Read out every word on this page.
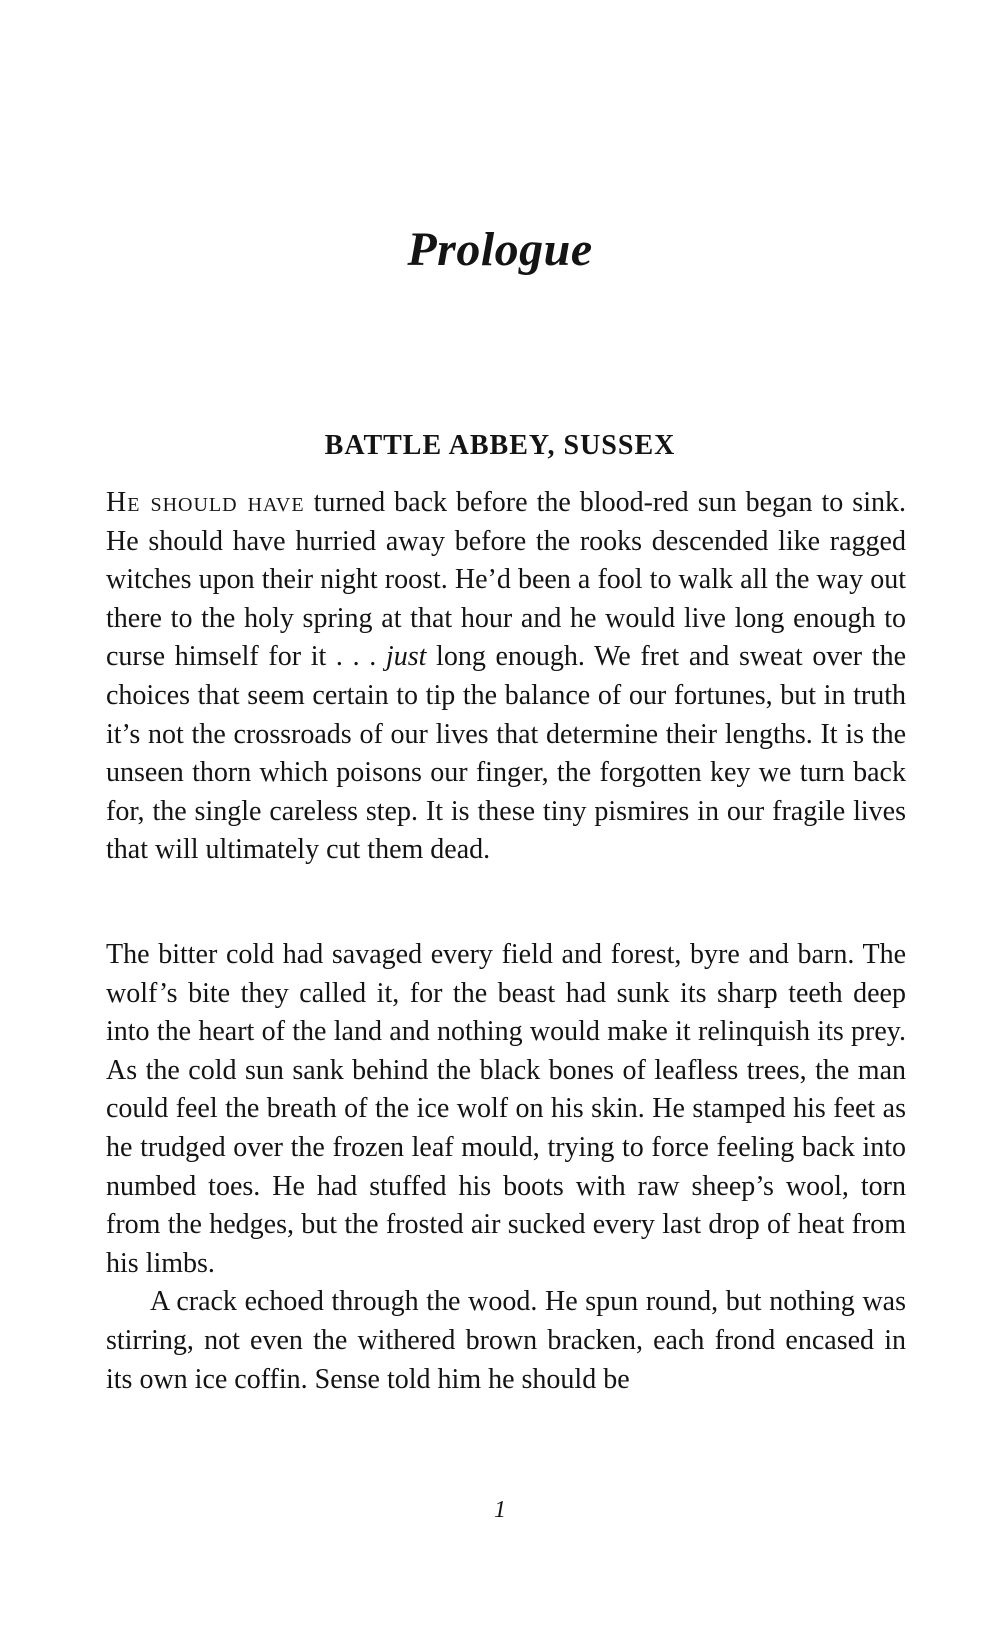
Prologue
BATTLE ABBEY, SUSSEX

He should have turned back before the blood-red sun began to sink. He should have hurried away before the rooks descended like ragged witches upon their night roost. He’d been a fool to walk all the way out there to the holy spring at that hour and he would live long enough to curse himself for it . . . just long enough. We fret and sweat over the choices that seem certain to tip the balance of our fortunes, but in truth it’s not the crossroads of our lives that determine their lengths. It is the unseen thorn which poisons our finger, the forgotten key we turn back for, the single careless step. It is these tiny pismires in our fragile lives that will ultimately cut them dead.

The bitter cold had savaged every field and forest, byre and barn. The wolf’s bite they called it, for the beast had sunk its sharp teeth deep into the heart of the land and nothing would make it relinquish its prey. As the cold sun sank behind the black bones of leafless trees, the man could feel the breath of the ice wolf on his skin. He stamped his feet as he trudged over the frozen leaf mould, trying to force feeling back into numbed toes. He had stuffed his boots with raw sheep’s wool, torn from the hedges, but the frosted air sucked every last drop of heat from his limbs.

A crack echoed through the wood. He spun round, but nothing was stirring, not even the withered brown bracken, each frond encased in its own ice coffin. Sense told him he should be

1
